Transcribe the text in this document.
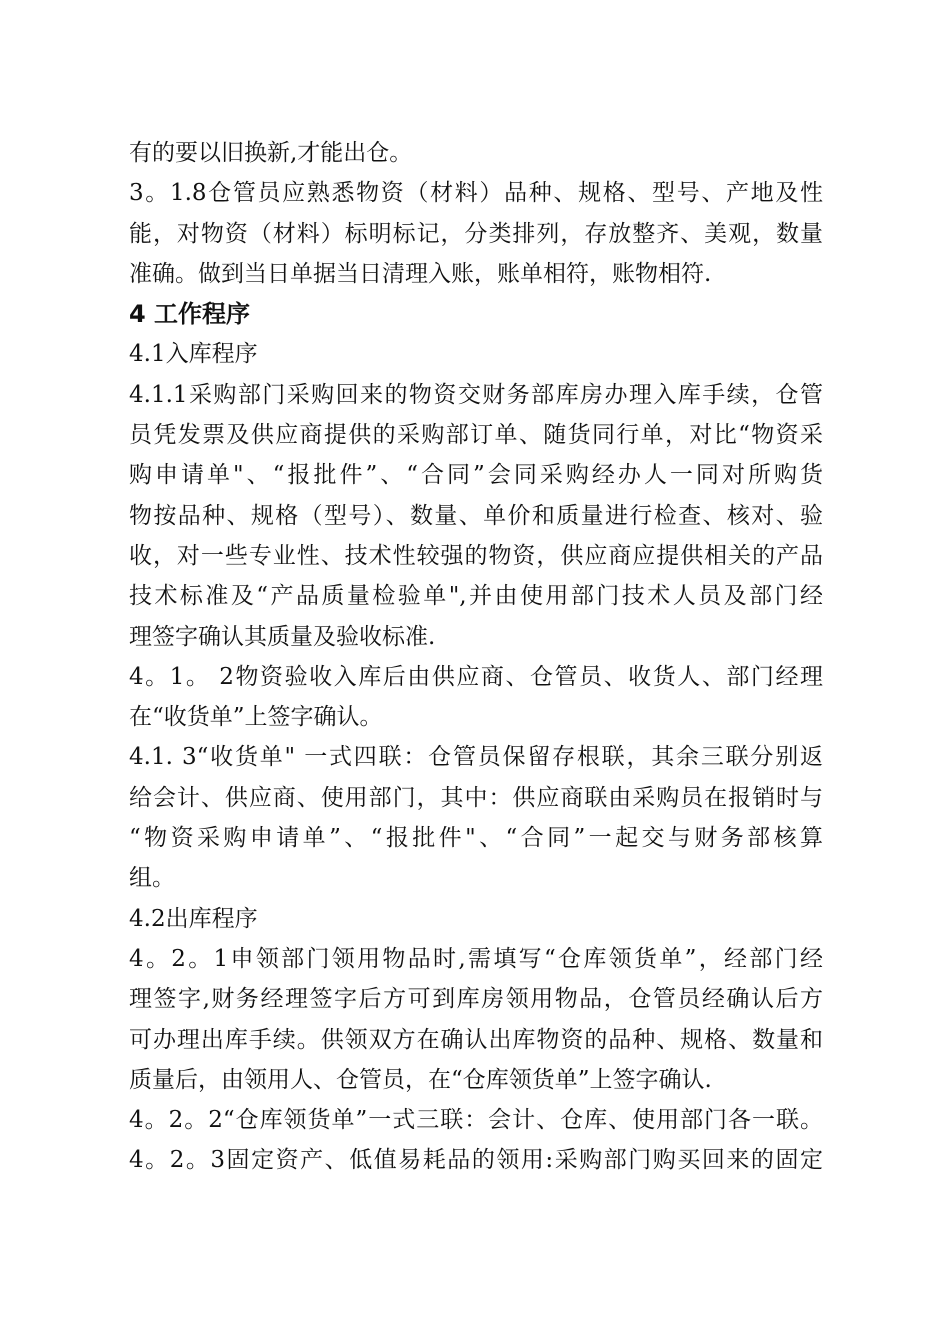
有的要以旧换新,才能出仓。
3。1.8仓管员应熟悉物资（材料）品种、规格、型号、产地及性
能，对物资（材料）标明标记，分类排列，存放整齐、美观，数量
准确。做到当日单据当日清理入账，账单相符，账物相符.
4 工作程序
4.1入库程序
4.1.1采购部门采购回来的物资交财务部库房办理入库手续，仓管
员凭发票及供应商提供的采购部订单、随货同行单，对比“物资采
购申请单"、“报批件”、“合同”会同采购经办人一同对所购货
物按品种、规格（型号）、数量、单价和质量进行检查、核对、验
收，对一些专业性、技术性较强的物资，供应商应提供相关的产品
技术标准及“产品质量检验单",并由使用部门技术人员及部门经
理签字确认其质量及验收标准.
4。1。 2物资验收入库后由供应商、仓管员、收货人、部门经理
在“收货单”上签字确认。
4.1. 3“收货单" 一式四联：仓管员保留存根联，其余三联分别返
给会计、供应商、使用部门，其中：供应商联由采购员在报销时与
“物资采购申请单”、“报批件"、“合同”一起交与财务部核算
组。
4.2出库程序
4。2。1申领部门领用物品时,需填写“仓库领货单”，经部门经
理签字,财务经理签字后方可到库房领用物品，仓管员经确认后方
可办理出库手续。供领双方在确认出库物资的品种、规格、数量和
质量后，由领用人、仓管员，在“仓库领货单”上签字确认.
4。2。2“仓库领货单”一式三联：会计、仓库、使用部门各一联。
4。2。3固定资产、低值易耗品的领用:采购部门购买回来的固定
